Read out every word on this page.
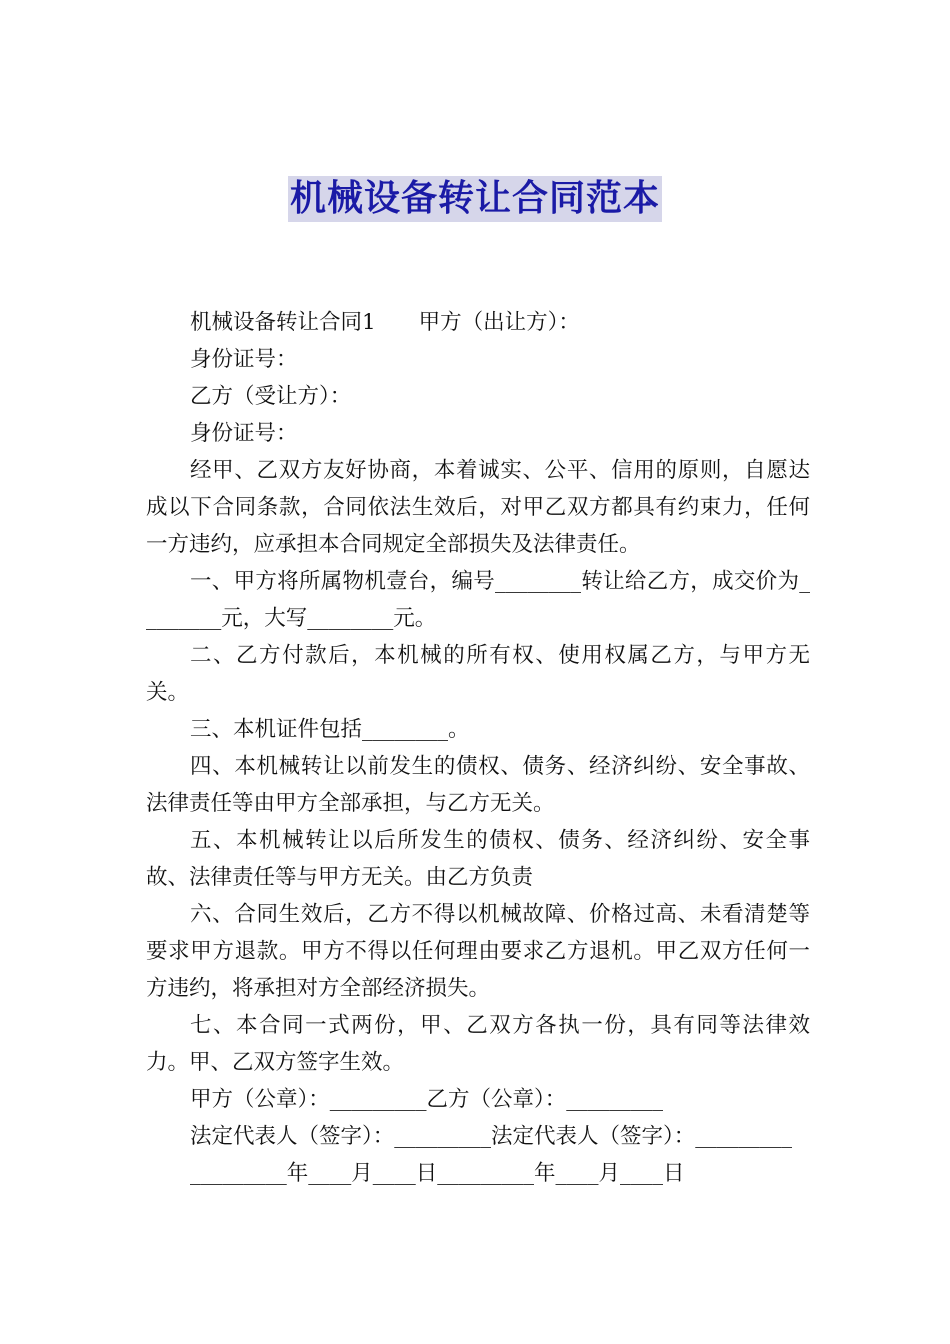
机械设备转让合同范本

机械设备转让合同1　　甲方（出让方）：

身份证号：

乙方（受让方）：

身份证号：

经甲、乙双方友好协商，本着诚实、公平、信用的原则，自愿达成以下合同条款，合同依法生效后，对甲乙双方都具有约束力，任何一方违约，应承担本合同规定全部损失及法律责任。

一、甲方将所属物机壹台，编号________转让给乙方，成交价为________元，大写________元。

二、乙方付款后，本机械的所有权、使用权属乙方，与甲方无关。

三、本机证件包括________。

四、本机械转让以前发生的债权、债务、经济纠纷、安全事故、法律责任等由甲方全部承担，与乙方无关。

五、本机械转让以后所发生的债权、债务、经济纠纷、安全事故、法律责任等与甲方无关。由乙方负责

六、合同生效后，乙方不得以机械故障、价格过高、未看清楚等要求甲方退款。甲方不得以任何理由要求乙方退机。甲乙双方任何一方违约，将承担对方全部经济损失。

七、本合同一式两份，甲、乙双方各执一份，具有同等法律效力。甲、乙双方签字生效。

甲方（公章）：_________乙方（公章）：_________

法定代表人（签字）：_________法定代表人（签字）：_________

_________年____月____日_________年____月____日
